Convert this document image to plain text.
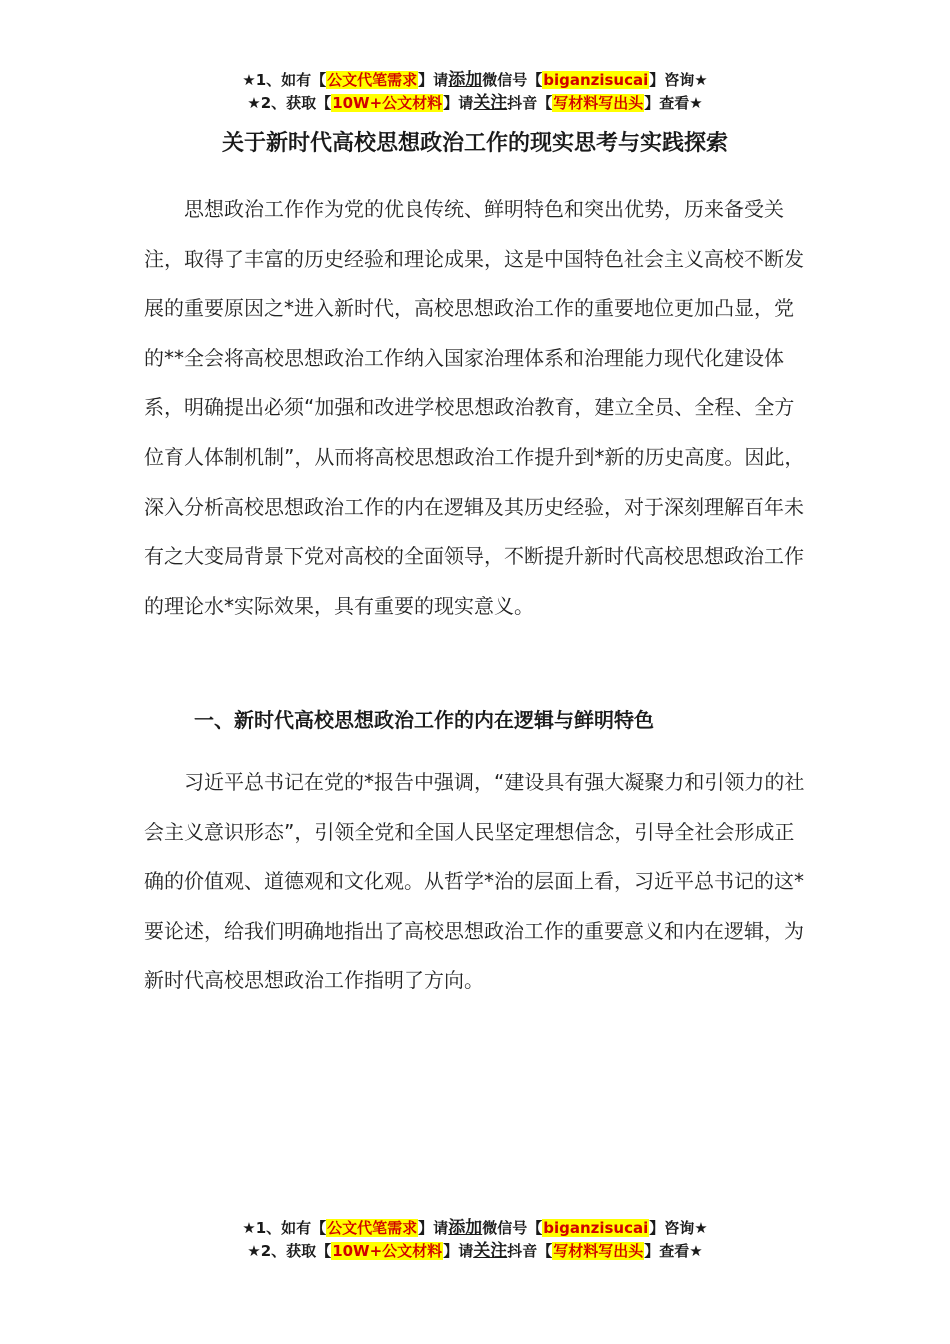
★1、如有【公文代笔需求】请添加微信号【biganzisucai】咨询★
★2、获取【10W+公文材料】请关注抖音【写材料写出头】查看★
关于新时代高校思想政治工作的现实思考与实践探索

思想政治工作作为党的优良传统、鲜明特色和突出优势，历来备受关注，取得了丰富的历史经验和理论成果，这是中国特色社会主义高校不断发展的重要原因之*进入新时代，高校思想政治工作的重要地位更加凸显，党的**全会将高校思想政治工作纳入国家治理体系和治理能力现代化建设体系，明确提出必须“加强和改进学校思想政治教育，建立全员、全程、全方位育人体制机制”，从而将高校思想政治工作提升到*新的历史高度。因此，深入分析高校思想政治工作的内在逻辑及其历史经验，对于深刻理解百年未有之大变局背景下党对高校的全面领导，不断提升新时代高校思想政治工作的理论水*实际效果，具有重要的现实意义。

一、新时代高校思想政治工作的内在逻辑与鲜明特色

习近平总书记在党的*报告中强调，“建设具有强大凝聚力和引领力的社会主义意识形态”，引领全党和全国人民坚定理想信念，引导全社会形成正确的价值观、道德观和文化观。从哲学*治的层面上看，习近平总书记的这*要论述，给我们明确地指出了高校思想政治工作的重要意义和内在逻辑，为新时代高校思想政治工作指明了方向。

★1、如有【公文代笔需求】请添加微信号【biganzisucai】咨询★
★2、获取【10W+公文材料】请关注抖音【写材料写出头】查看★
